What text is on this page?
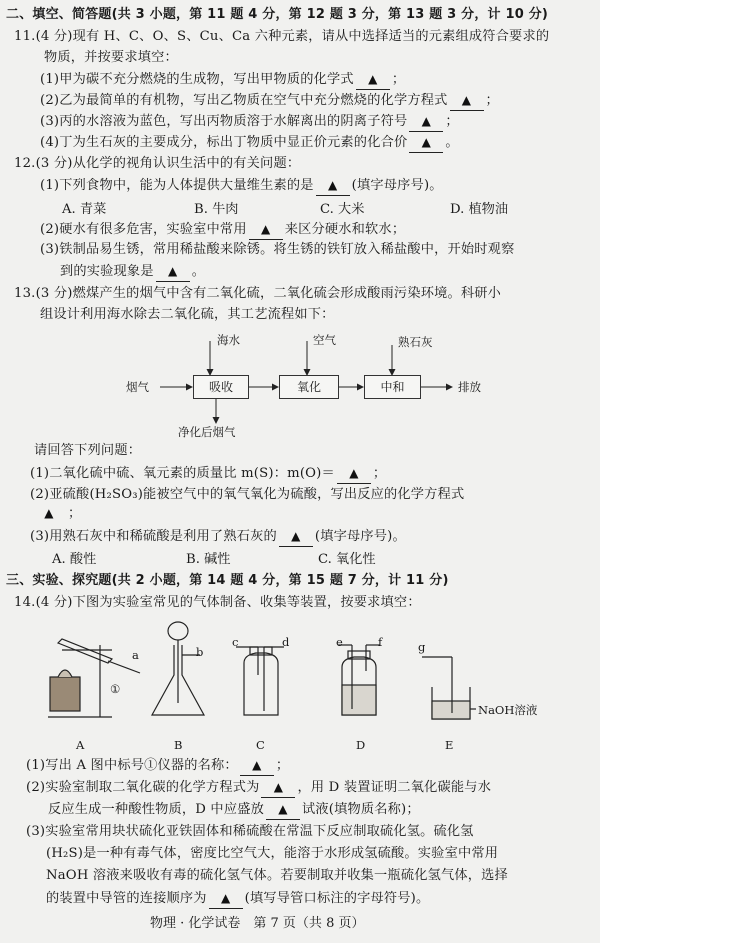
二、填空、简答题(共 3 小题，第 11 题 4 分，第 12 题 3 分，第 13 题 3 分，计 10 分)
11.(4 分)现有 H、C、O、S、Cu、Ca 六种元素，请从中选择适当的元素组成符合要求的
物质，并按要求填空：
(1)甲为碳不充分燃烧的生成物，写出甲物质的化学式 ▲ ；
(2)乙为最简单的有机物，写出乙物质在空气中充分燃烧的化学方程式 ▲ ；
(3)丙的水溶液为蓝色，写出丙物质溶于水解离出的阴离子符号 ▲ ；
(4)丁为生石灰的主要成分，标出丁物质中显正价元素的化合价 ▲ 。
12.(3 分)从化学的视角认识生活中的有关问题：
(1)下列食物中，能为人体提供大量维生素的是 ▲ (填字母序号)。
A. 青菜	B. 牛肉	C. 大米	D. 植物油
(2)硬水有很多危害，实验室中常用 ▲ 来区分硬水和软水；
(3)铁制品易生锈，常用稀盐酸来除锈。将生锈的铁钉放入稀盐酸中，开始时观察
到的实验现象是 ▲ 。
13.(3 分)燃煤产生的烟气中含有二氧化硫，二氧化硫会形成酸雨污染环境。科研小
组设计利用海水除去二氧化硫，其工艺流程如下：
烟气	吸收	氧化	中和
海水	空气	熟石灰
排放
净化后烟气
请回答下列问题：
(1)二氧化硫中硫、氧元素的质量比 m(S)：m(O)＝ ▲ ；
(2)亚硫酸(H₂SO₃)能被空气中的氧气氧化为硫酸，写出反应的化学方程式
▲ ；
(3)用熟石灰中和稀硫酸是利用了熟石灰的 ▲ (填字母序号)。
A. 酸性	B. 碱性	C. 氧化性
三、实验、探究题(共 2 小题，第 14 题 4 分，第 15 题 7 分，计 11 分)
14.(4 分)下图为实验室常见的气体制备、收集等装置，按要求填空：
a
①
b
c	d	e	f	g
NaOH溶液
A	B	C	D	E
(1)写出 A 图中标号①仪器的名称： ▲ ；
(2)实验室制取二氧化碳的化学方程式为 ▲ ，用 D 装置证明二氧化碳能与水
反应生成一种酸性物质，D 中应盛放 ▲ 试液(填物质名称)；
(3)实验室常用块状硫化亚铁固体和稀硫酸在常温下反应制取硫化氢。硫化氢
(H₂S)是一种有毒气体，密度比空气大，能溶于水形成氢硫酸。实验室中常用
NaOH 溶液来吸收有毒的硫化氢气体。若要制取并收集一瓶硫化氢气体，选择
的装置中导管的连接顺序为 ▲ (填写导管口标注的字母符号)。
物理 · 化学试卷　第 7 页（共 8 页）
